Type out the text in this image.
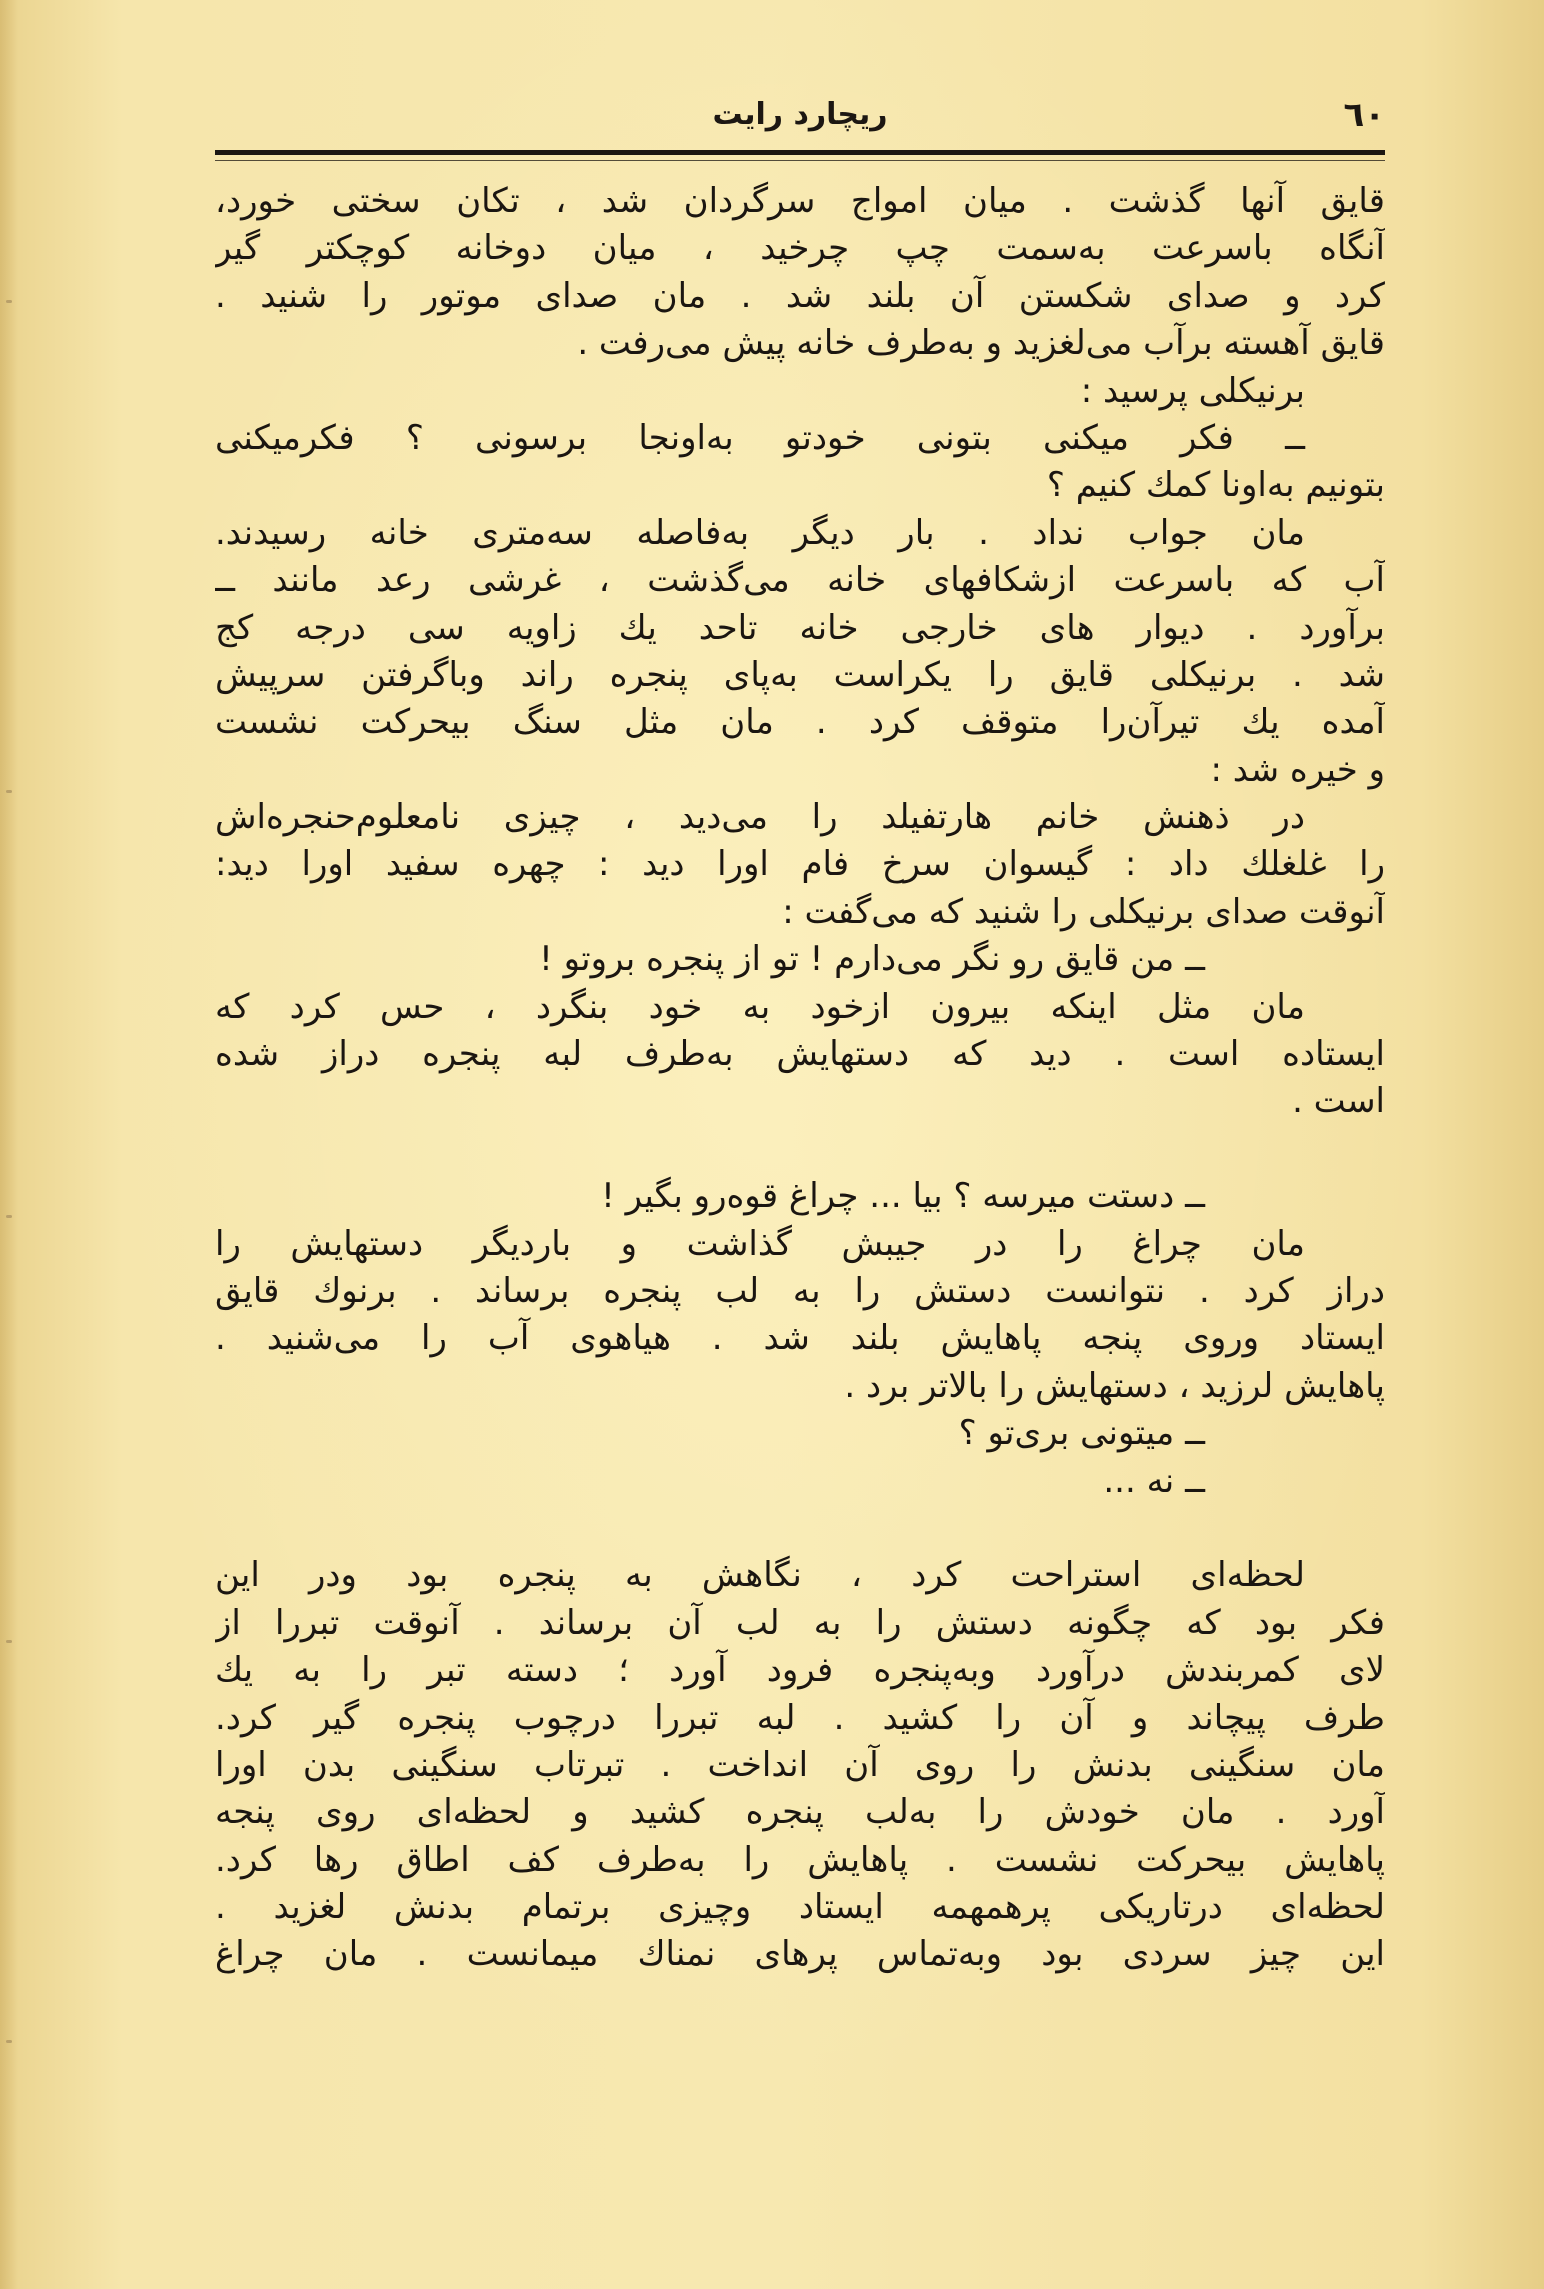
٦٠
ریچارد رایت
قایق آنها گذشت . میان امواج سرگردان شد ، تکان سختی خورد،
آنگاه باسرعت به‌سمت چپ چرخید ، میان دوخانه کوچکتر گیر
کرد و صدای شکستن آن بلند شد . مان صدای موتور را شنید .
قایق آهسته برآب می‌لغزید و به‌طرف خانه پیش می‌رفت .
برنیکلی پرسید :
ــ فکر میکنی بتونی خودتو به‌اونجا برسونی ؟ فکرمیکنی
بتونیم به‌اونا کمك کنیم ؟
مان جواب نداد . بار دیگر به‌فاصله سه‌متری خانه رسیدند.
آب که باسرعت ازشکافهای خانه می‌گذشت ، غرشی رعد مانند ــ
برآورد . دیوار های خارجی خانه تاحد یك زاویه سی درجه کج
شد . برنیکلی قایق را یکراست به‌پای پنجره راند وباگرفتن سرپیش
آمده یك تیرآن‌را متوقف کرد . مان مثل سنگ بیحرکت نشست
و خیره شد :
در ذهنش خانم هارتفیلد را می‌دید ، چیزی نامعلوم‌حنجره‌اش
را غلغلك داد : گیسوان سرخ فام اورا دید : چهره سفید اورا دید:
آنوقت صدای برنیکلی را شنید که می‌گفت :
ــ من قایق رو نگر می‌دارم ! تو از پنجره بروتو !
مان مثل اینکه بیرون ازخود به خود بنگرد ، حس کرد که
ایستاده است . دید که دستهایش به‌طرف لبه پنجره دراز شده
است .
ــ دستت میرسه ؟ بیا ... چراغ قوه‌رو بگیر !
مان چراغ را در جیبش گذاشت و باردیگر دستهایش را
دراز کرد . نتوانست دستش را به لب پنجره برساند . برنوك قایق
ایستاد وروی پنجه پاهایش بلند شد . هیاهوی آب را می‌شنید .
پاهایش لرزید ، دستهایش را بالاتر برد .
ــ میتونی بری‌تو ؟
ــ نه ...
لحظه‌ای استراحت کرد ، نگاهش به پنجره بود ودر این
فکر بود که چگونه دستش را به لب آن برساند . آنوقت تبررا از
لای کمربندش درآورد وبه‌پنجره فرود آورد ؛ دسته تبر را به یك
طرف پیچاند و آن را کشید . لبه تبررا درچوب پنجره گیر کرد.
مان سنگینی بدنش را روی آن انداخت . تبرتاب سنگینی بدن اورا
آورد . مان خودش را به‌لب پنجره کشید و لحظه‌ای روی پنجه
پاهایش بیحرکت نشست . پاهایش را به‌طرف کف اطاق رها کرد.
لحظه‌ای درتاریکی پرهمهمه ایستاد وچیزی برتمام بدنش لغزید .
این چیز سردی بود وبه‌تماس پرهای نمناك میمانست . مان چراغ
